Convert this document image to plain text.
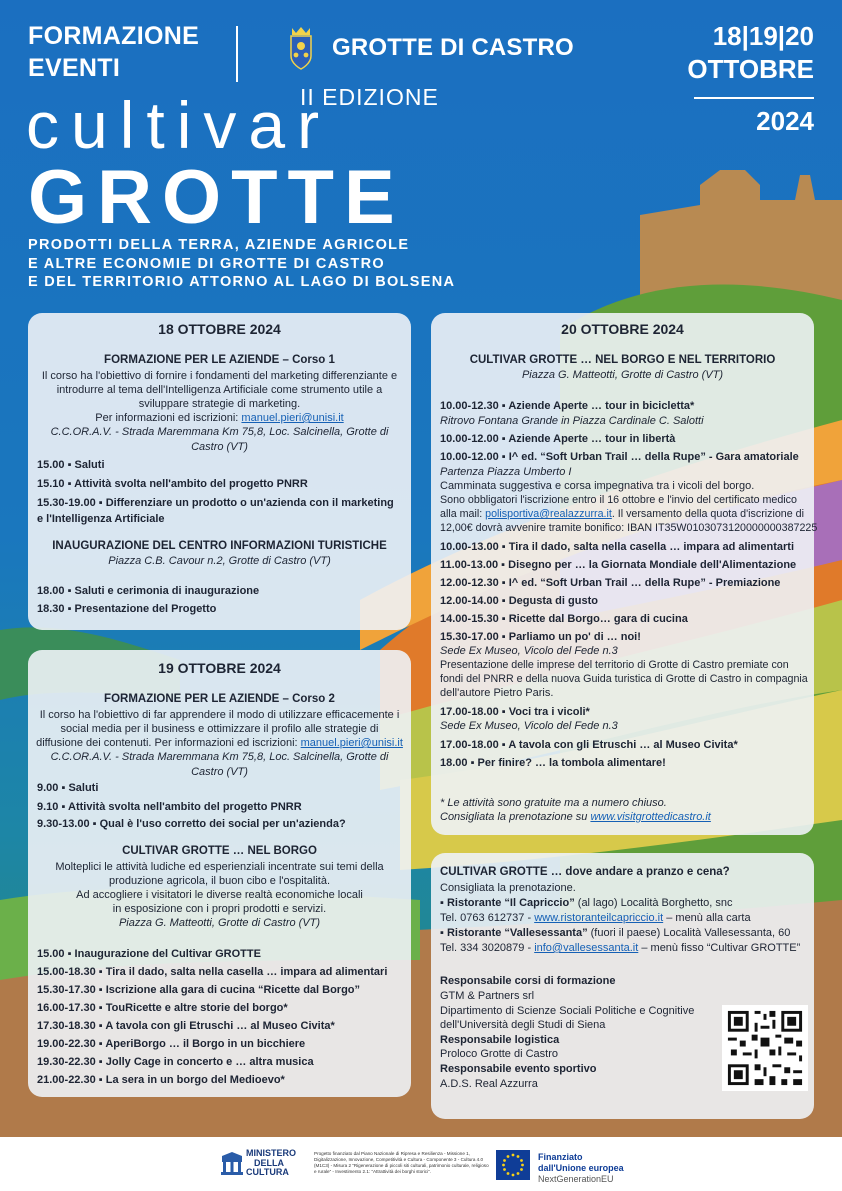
FORMAZIONE
EVENTI
GROTTE DI CASTRO	18|19|20
OTTOBRE
2024
II EDIZIONE
cultivar
GROTTE
PRODOTTI DELLA TERRA, AZIENDE AGRICOLE
E ALTRE ECONOMIE DI GROTTE DI CASTRO
E DEL TERRITORIO ATTORNO AL LAGO DI BOLSENA
18 OTTOBRE 2024
FORMAZIONE PER LE AZIENDE – Corso 1
Il corso ha l'obiettivo di fornire i fondamenti del marketing differenziante e
introdurre al tema dell'Intelligenza Artificiale come strumento utile a
sviluppare strategie di marketing.
Per informazioni ed iscrizioni: manuel.pieri@unisi.it
C.C.OR.A.V. - Strada Maremmana Km 75,8, Loc. Salcinella, Grotte di Castro (VT)
15.00 ▪ Saluti
15.10 ▪ Attività svolta nell'ambito del progetto PNRR
15.30-19.00 ▪ Differenziare un prodotto o un'azienda con il marketing
e l'Intelligenza Artificiale
INAUGURAZIONE DEL CENTRO INFORMAZIONI TURISTICHE
Piazza C.B. Cavour n.2, Grotte di Castro (VT)
18.00 ▪ Saluti e cerimonia di inaugurazione
18.30 ▪ Presentazione del Progetto
19 OTTOBRE 2024
FORMAZIONE PER LE AZIENDE – Corso 2
Il corso ha l'obiettivo di far apprendere il modo di utilizzare efficacemente i
social media per il business e ottimizzare il profilo alle strategie di
diffusione dei contenuti. Per informazioni ed iscrizioni: manuel.pieri@unisi.it
C.C.OR.A.V. - Strada Maremmana Km 75,8, Loc. Salcinella, Grotte di Castro (VT)
9.00 ▪ Saluti
9.10 ▪ Attività svolta nell'ambito del progetto PNRR
9.30-13.00 ▪ Qual è l'uso corretto dei social per un'azienda?
CULTIVAR GROTTE … NEL BORGO
Molteplici le attività ludiche ed esperienziali incentrate sui temi della
produzione agricola, il buon cibo e l'ospitalità.
Ad accogliere i visitatori le diverse realtà economiche locali
in esposizione con i propri prodotti e servizi.
Piazza G. Matteotti, Grotte di Castro (VT)
15.00 ▪ Inaugurazione del Cultivar GROTTE
15.00-18.30 ▪ Tira il dado, salta nella casella … impara ad alimentari
15.30-17.30 ▪ Iscrizione alla gara di cucina “Ricette dal Borgo”
16.00-17.30 ▪ TouRicette e altre storie del borgo*
17.30-18.30 ▪ A tavola con gli Etruschi … al Museo Civita*
19.00-22.30 ▪ AperiBorgo … il Borgo in un bicchiere
19.30-22.30 ▪ Jolly Cage in concerto e … altra musica
21.00-22.30 ▪ La sera in un borgo del Medioevo*
20 OTTOBRE 2024
CULTIVAR GROTTE … NEL BORGO E NEL TERRITORIO
Piazza G. Matteotti, Grotte di Castro (VT)
10.00-12.30 ▪ Aziende Aperte … tour in bicicletta*
Ritrovo Fontana Grande in Piazza Cardinale C. Salotti
10.00-12.00 ▪ Aziende Aperte … tour in libertà
10.00-12.00 ▪ I^ ed. “Soft Urban Trail … della Rupe” - Gara amatoriale
Partenza Piazza Umberto I
Camminata suggestiva e corsa impegnativa tra i vicoli del borgo.
Sono obbligatori l'iscrizione entro il 16 ottobre e l'invio del certificato medico
alla mail: polisportiva@realazzurra.it. Il versamento della quota d'iscrizione di
12,00€ dovrà avvenire tramite bonifico: IBAN IT35W0103073120000000387225
10.00-13.00 ▪ Tira il dado, salta nella casella … impara ad alimentarti
11.00-13.00 ▪ Disegno per … la Giornata Mondiale dell'Alimentazione
12.00-12.30 ▪ I^ ed. “Soft Urban Trail … della Rupe” - Premiazione
12.00-14.00 ▪ Degusta di gusto
14.00-15.30 ▪ Ricette dal Borgo… gara di cucina
15.30-17.00 ▪ Parliamo un po' di … noi!
Sede Ex Museo, Vicolo del Fede n.3
Presentazione delle imprese del territorio di Grotte di Castro premiate con
fondi del PNRR e della nuova Guida turistica di Grotte di Castro in compagnia
dell'autore Pietro Paris.
17.00-18.00 ▪ Voci tra i vicoli*
Sede Ex Museo, Vicolo del Fede n.3
17.00-18.00 ▪ A tavola con gli Etruschi … al Museo Civita*
18.00 ▪ Per finire? … la tombola alimentare!
* Le attività sono gratuite ma a numero chiuso.
Consigliata la prenotazione su www.visitgrottedicastro.it
CULTIVAR GROTTE … dove andare a pranzo e cena?
Consigliata la prenotazione.
▪ Ristorante “Il Capriccio” (al lago) Località Borghetto, snc
Tel. 0763 612737 - www.ristoranteilcapriccio.it – menù alla carta
▪ Ristorante “Vallesessanta” (fuori il paese) Località Vallesessanta, 60
Tel. 334 3020879 - info@vallesessanta.it – menù fisso “Cultivar GROTTE”
Responsabile corsi di formazione
GTM & Partners srl
Dipartimento di Scienze Sociali Politiche e Cognitive
dell'Università degli Studi di Siena
Responsabile logistica
Proloco Grotte di Castro
Responsabile evento sportivo
A.D.S. Real Azzurra
MINISTERO
DELLA
CULTURA
Progetto finanziato dal Piano Nazionale di Ripresa e Resilienza - Missione 1, Digitalizzazione, Innovazione, Competitività e Cultura - Componente 3 - Cultura 4.0 (M1C3) - Misura 2 “Rigenerazione di piccoli siti culturali, patrimonio culturale, religioso e rurale” - Investimento 2.1: “Attrattività dei borghi storici”.
Finanziato
dall'Unione europea
NextGenerationEU
